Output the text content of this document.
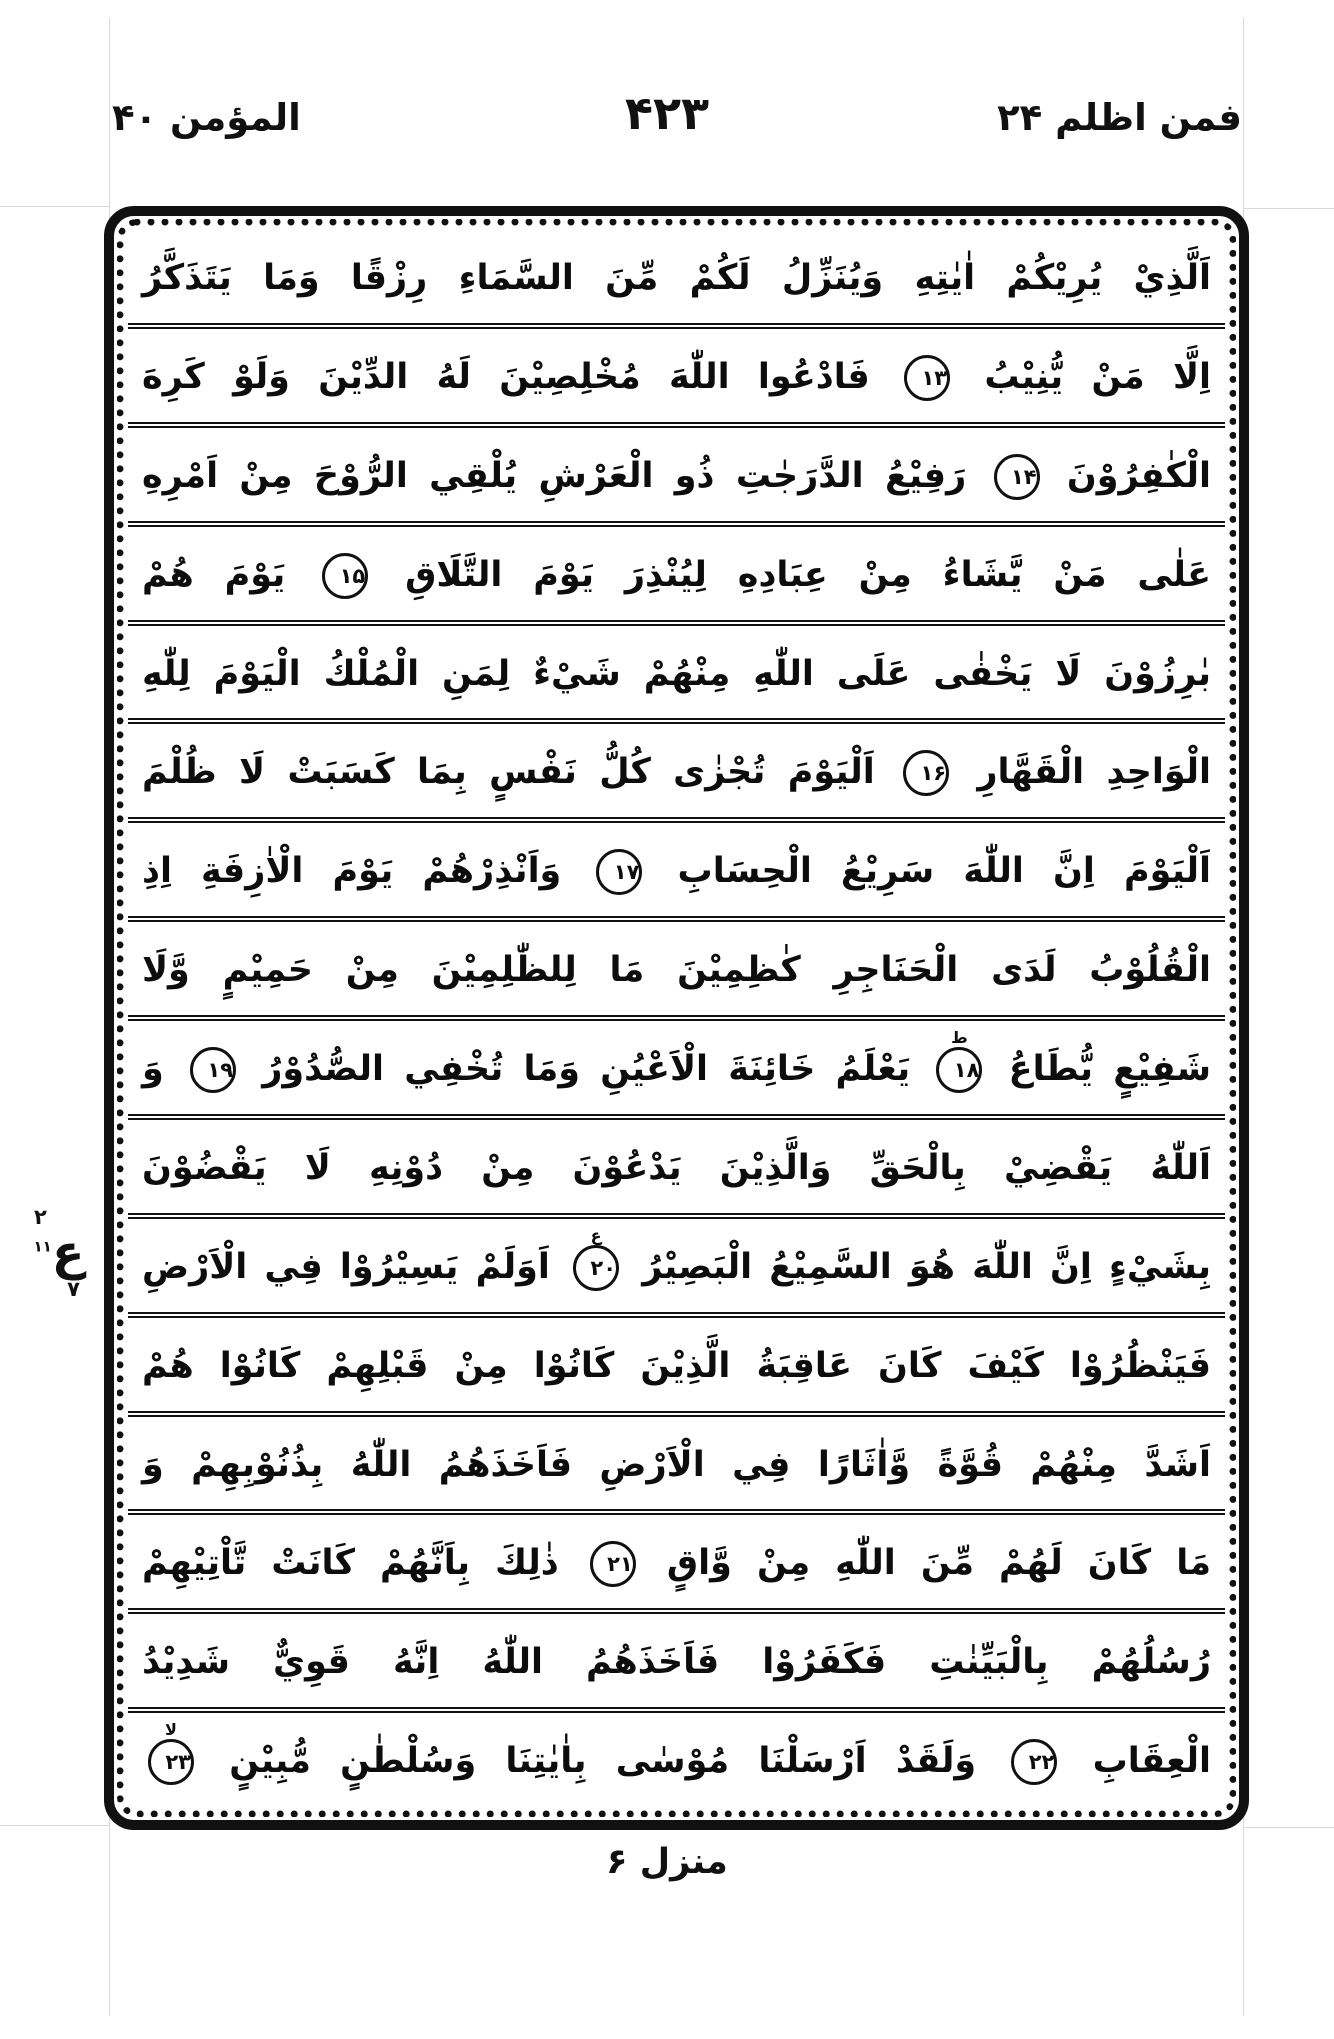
فمن اظلم ۲۴
۴۲۳
المؤمن ۴۰
اَلَّذِيْ يُرِيْكُمْ اٰيٰتِهِ وَيُنَزِّلُ لَكُمْ مِّنَ السَّمَاءِ رِزْقًا وَمَا يَتَذَكَّرُ
اِلَّا مَنْ يُّنِيْبُ
۱۳
فَادْعُوا اللّٰهَ مُخْلِصِيْنَ لَهُ الدِّيْنَ وَلَوْ كَرِهَ
الْكٰفِرُوْنَ
۱۴
رَفِيْعُ الدَّرَجٰتِ ذُو الْعَرْشِ يُلْقِي الرُّوْحَ مِنْ اَمْرِهِ
عَلٰى مَنْ يَّشَاءُ مِنْ عِبَادِهِ لِيُنْذِرَ يَوْمَ التَّلَاقِ
۱۵
يَوْمَ هُمْ
بٰرِزُوْنَ لَا يَخْفٰى عَلَى اللّٰهِ مِنْهُمْ شَيْءٌ لِمَنِ الْمُلْكُ الْيَوْمَ لِلّٰهِ
الْوَاحِدِ الْقَهَّارِ
۱۶
اَلْيَوْمَ تُجْزٰى كُلُّ نَفْسٍ بِمَا كَسَبَتْ لَا ظُلْمَ
اَلْيَوْمَ اِنَّ اللّٰهَ سَرِيْعُ الْحِسَابِ
۱۷
وَاَنْذِرْهُمْ يَوْمَ الْاٰزِفَةِ اِذِ
الْقُلُوْبُ لَدَى الْحَنَاجِرِ كٰظِمِيْنَ مَا لِلظّٰلِمِيْنَ مِنْ حَمِيْمٍ وَّلَا
شَفِيْعٍ يُّطَاعُ
۱۸
ط
يَعْلَمُ خَائِنَةَ الْاَعْيُنِ وَمَا تُخْفِي الصُّدُوْرُ
۱۹
وَ
اَللّٰهُ يَقْضِيْ بِالْحَقِّ وَالَّذِيْنَ يَدْعُوْنَ مِنْ دُوْنِهِ لَا يَقْضُوْنَ
بِشَيْءٍ اِنَّ اللّٰهَ هُوَ السَّمِيْعُ الْبَصِيْرُ
۲۰
ع
اَوَلَمْ يَسِيْرُوْا فِي الْاَرْضِ
فَيَنْظُرُوْا كَيْفَ كَانَ عَاقِبَةُ الَّذِيْنَ كَانُوْا مِنْ قَبْلِهِمْ كَانُوْا هُمْ
اَشَدَّ مِنْهُمْ قُوَّةً وَّاٰثَارًا فِي الْاَرْضِ فَاَخَذَهُمُ اللّٰهُ بِذُنُوْبِهِمْ وَ
مَا كَانَ لَهُمْ مِّنَ اللّٰهِ مِنْ وَّاقٍ
۲۱
ذٰلِكَ بِاَنَّهُمْ كَانَتْ تَّاْتِيْهِمْ
رُسُلُهُمْ بِالْبَيِّنٰتِ فَكَفَرُوْا فَاَخَذَهُمُ اللّٰهُ اِنَّهُ قَوِيٌّ شَدِيْدُ
الْعِقَابِ
۲۲
وَلَقَدْ اَرْسَلْنَا مُوْسٰى بِاٰيٰتِنَا وَسُلْطٰنٍ مُّبِيْنٍ
۲۳
لا
۲
ع۱۱
۷
منزل ۶
